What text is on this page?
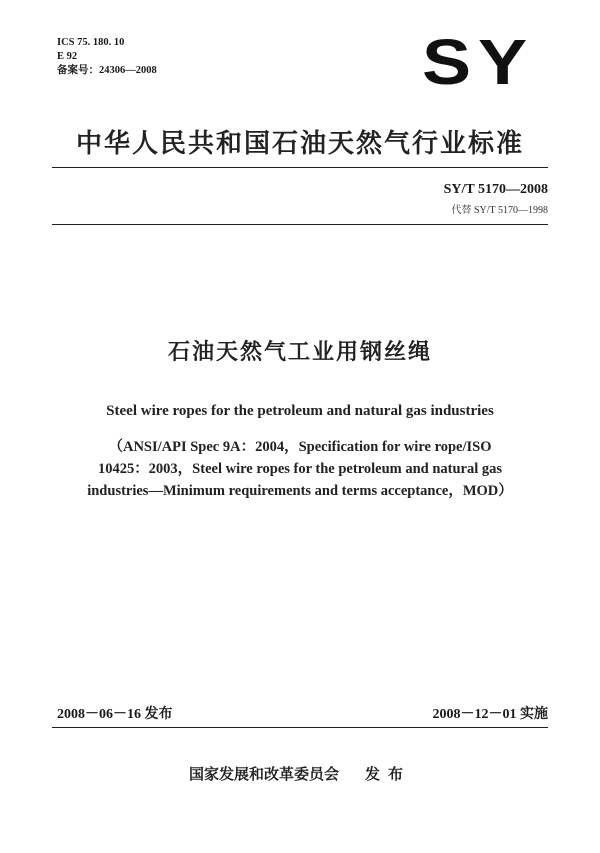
ICS 75. 180. 10
E 92
备案号：24306—2008	SY
中华人民共和国石油天然气行业标准
SY/T 5170—2008
代替 SY/T 5170—1998
石油天然气工业用钢丝绳
Steel wire ropes for the petroleum and natural gas industries
（ANSI/API Spec 9A：2004，Specification for wire rope/ISO
10425：2003，Steel wire ropes for the petroleum and natural gas
industries—Minimum requirements and terms acceptance，MOD）
2008－06－16 发布	2008－12－01 实施
国家发展和改革委员会 发布
